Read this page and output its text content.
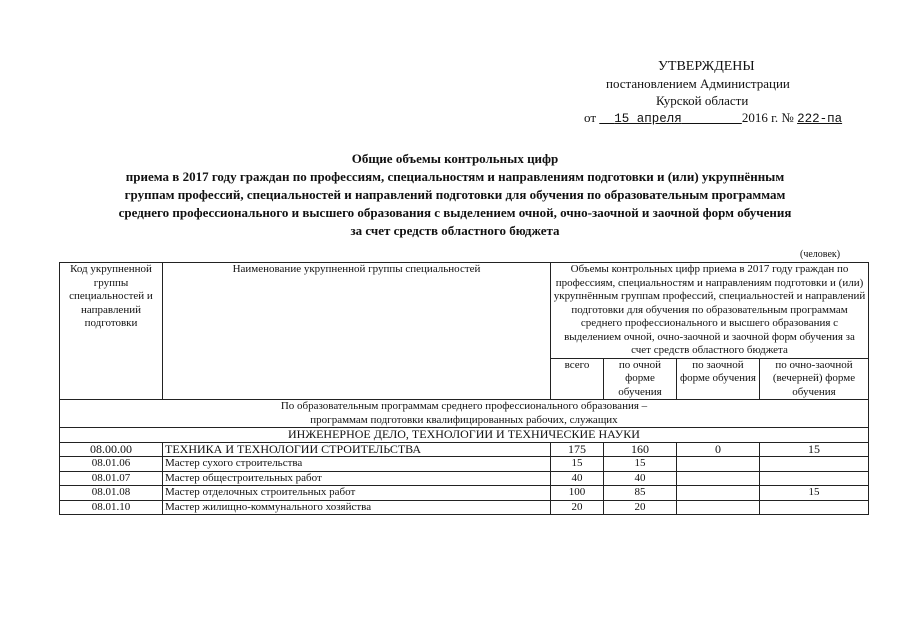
УТВЕРЖДЕНЫ
постановлением Администрации
Курской области
от 15 апреля	2016 г. № 222-па
Общие объемы контрольных цифр
приема в 2017 году граждан по профессиям, специальностям и направлениям подготовки и (или) укрупнённым
группам профессий, специальностей и направлений подготовки для обучения по образовательным программам
среднего профессионального и высшего образования с выделением очной, очно-заочной и заочной форм обучения
за счет средств областного бюджета
(человек)
Код укрупненной группы специальностей и направлений подготовки	Наименование укрупненной группы специальностей	Объемы контрольных цифр приема в 2017 году граждан по профессиям, специальностям и направлениям подготовки и (или) укрупнённым группам профессий, специальностей и направлений подготовки для обучения по образовательным программам среднего профессионального и высшего образования с выделением очной, очно-заочной и заочной форм обучения за счет средств областного бюджета			
		всего	по очной форме обучения	по заочной форме обучения	по очно-заочной (вечерней) форме обучения

По образовательным программам среднего профессионального образования –
программам подготовки квалифицированных рабочих, служащих					

ИНЖЕНЕРНОЕ ДЕЛО, ТЕХНОЛОГИИ И ТЕХНИЧЕСКИЕ НАУКИ					
08.00.00	ТЕХНИКА И ТЕХНОЛОГИИ СТРОИТЕЛЬСТВА	175	160	0	15
08.01.06	Мастер сухого строительства	15	15		
08.01.07	Мастер общестроительных работ	40	40		
08.01.08	Мастер отделочных строительных работ	100	85		15
08.01.10	Мастер жилищно-коммунального хозяйства	20	20		
